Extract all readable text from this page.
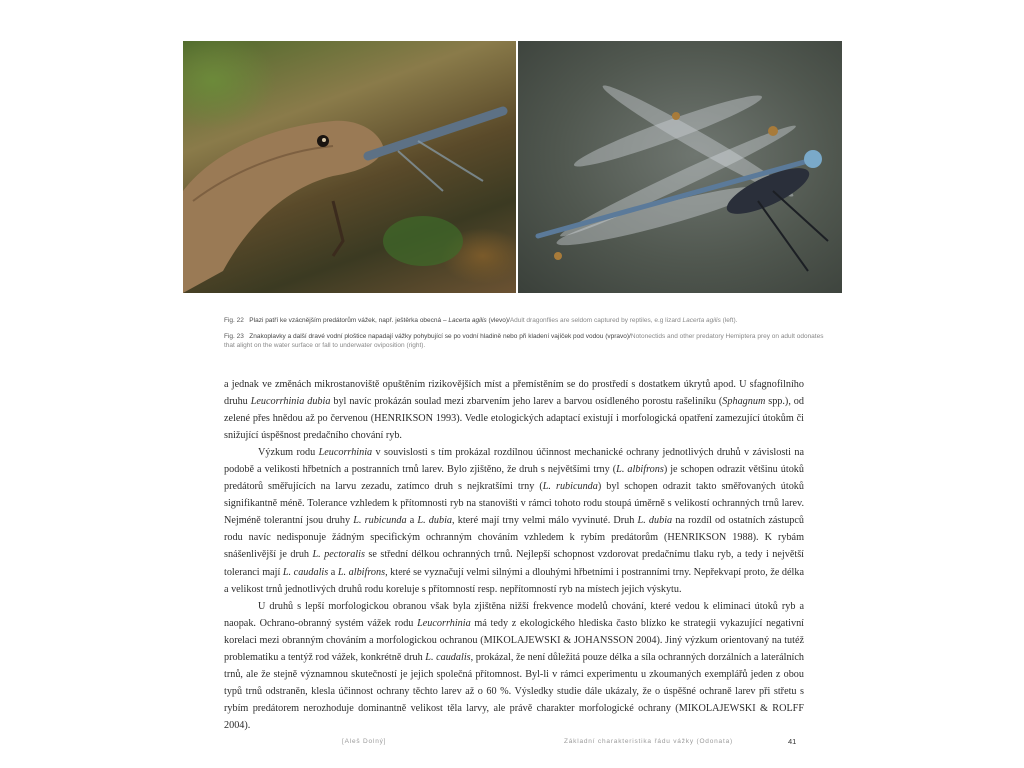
Fig. 22 Plazi patří ke vzácnějším predátorům vážek, např. ještěrka obecná – Lacerta agilis (vlevo)/Adult dragonflies are seldom captured by reptiles, e.g lizard Lacerta agilis (left).
Fig. 23 Znakoplavky a další dravé vodní ploštice napadají vážky pohybující se po vodní hladině nebo při kladení vajíček pod vodou (vpravo)/Notonectids and other predatory Hemiptera prey on adult odonates that alight on the water surface or fall to underwater oviposition (right).

a jednak ve změnách mikrostanoviště opuštěním rizikovějších míst a přemístěním se do prostředí s dostatkem úkrytů apod. U sfagnofilního druhu Leucorrhinia dubia byl navíc prokázán soulad mezi zbarvením jeho larev a barvou osídleného porostu rašeliníku (Sphagnum spp.), od zelené přes hnědou až po červenou (HENRIKSON 1993). Vedle etologických adaptací existují i morfologická opatření zamezující útokům či snižující úspěšnost predačního chování ryb.

Výzkum rodu Leucorrhinia v souvislosti s tím prokázal rozdílnou účinnost mechanické ochrany jednotlivých druhů v závislosti na podobě a velikosti hřbetních a postranních trnů larev. Bylo zjištěno, že druh s největšími trny (L. albifrons) je schopen odrazit většinu útoků predátorů směřujících na larvu zezadu, zatímco druh s nejkratšími trny (L. rubicunda) byl schopen odrazit takto směřovaných útoků signifikantně méně. Tolerance vzhledem k přítomnosti ryb na stanovišti v rámci tohoto rodu stoupá úměrně s velikostí ochranných trnů larev. Nejméně tolerantní jsou druhy L. rubicunda a L. dubia, které mají trny velmi málo vyvinuté. Druh L. dubia na rozdíl od ostatních zástupců rodu navíc nedisponuje žádným specifickým ochranným chováním vzhledem k rybím predátorům (HENRIKSON 1988). K rybám snášenlivější je druh L. pectoralis se střední délkou ochranných trnů. Nejlepší schopnost vzdorovat predačnímu tlaku ryb, a tedy i největší toleranci mají L. caudalis a L. albifrons, které se vyznačují velmi silnými a dlouhými hřbetními i postranními trny. Nepřekvapí proto, že délka a velikost trnů jednotlivých druhů rodu koreluje s přítomností resp. nepřítomností ryb na místech jejich výskytu.

U druhů s lepší morfologickou obranou však byla zjištěna nižší frekvence modelů chování, které vedou k eliminaci útoků ryb a naopak. Ochrano-obranný systém vážek rodu Leucorrhinia má tedy z ekologického hlediska často blízko ke strategii vykazující negativní korelaci mezi obranným chováním a morfologickou ochranou (MIKOLAJEWSKI & JOHANSSON 2004). Jiný výzkum orientovaný na tutéž problematiku a tentýž rod vážek, konkrétně druh L. caudalis, prokázal, že není důležitá pouze délka a síla ochranných dorzálních a laterálních trnů, ale že stejně významnou skutečností je jejich společná přítomnost. Byl-li v rámci experimentu u zkoumaných exemplářů jeden z obou typů trnů odstraněn, klesla účinnost ochrany těchto larev až o 60 %. Výsledky studie dále ukázaly, že o úspěšné ochraně larev při střetu s rybím predátorem nerozhoduje dominantně velikost těla larvy, ale právě charakter morfologické ochrany (MIKOLAJEWSKI & ROLFF 2004).

[Aleš Dolný]	Základní charakteristika řádu vážky (Odonata)	41
